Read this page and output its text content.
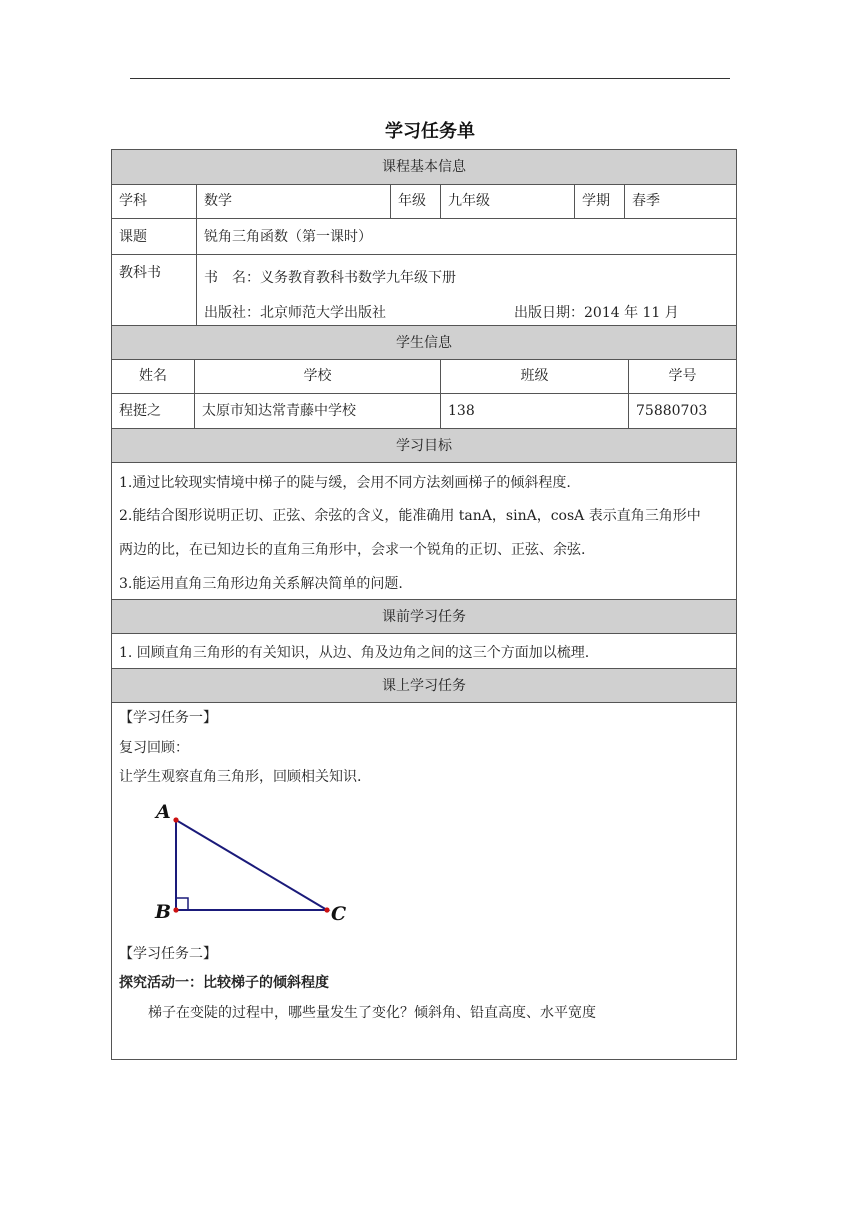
学习任务单
课程基本信息
学科	数学	年级	九年级	学期	春季
课题	锐角三角函数（第一课时）
教科书	书　名：义务教育教科书数学九年级下册
出版社：北京师范大学出版社	出版日期：2014 年 11 月
学生信息
姓名	学校	班级	学号
程挺之	太原市知达常青藤中学校	138	75880703
学习目标
1.通过比较现实情境中梯子的陡与缓，会用不同方法刻画梯子的倾斜程度.
2.能结合图形说明正切、正弦、余弦的含义，能准确用 tanA，sinA，cosA 表示直角三角形中
两边的比，在已知边长的直角三角形中，会求一个锐角的正切、正弦、余弦.
3.能运用直角三角形边角关系解决简单的问题.
课前学习任务
1. 回顾直角三角形的有关知识，从边、角及边角之间的这三个方面加以梳理.
课上学习任务
【学习任务一】
复习回顾：
让学生观察直角三角形，回顾相关知识.
A
B	C
【学习任务二】
探究活动一：比较梯子的倾斜程度
梯子在变陡的过程中，哪些量发生了变化？倾斜角、铅直高度、水平宽度
